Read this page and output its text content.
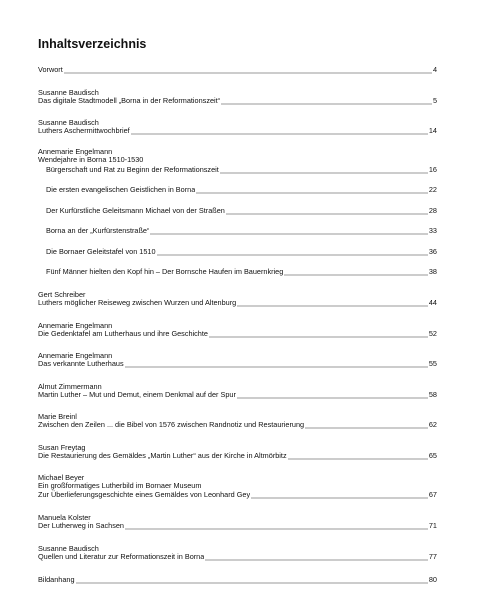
Inhaltsverzeichnis
Vorwort	4
Susanne Baudisch
Das digitale Stadtmodell „Borna in der Reformationszeit“	5
Susanne Baudisch
Luthers Aschermittwochbrief	14
Annemarie Engelmann
Wendejahre in Borna 1510-1530
Bürgerschaft und Rat zu Beginn der Reformationszeit	16
Die ersten evangelischen Geistlichen in Borna	22
Der Kurfürstliche Geleitsmann Michael von der Straßen	28
Borna an der „Kurfürstenstraße“	33
Die Bornaer Geleitstafel von 1510	36
Fünf Männer hielten den Kopf hin – Der Bornsche Haufen im Bauernkrieg	38
Gert Schreiber
Luthers möglicher Reiseweg zwischen Wurzen und Altenburg	44
Annemarie Engelmann
Die Gedenktafel am Lutherhaus und ihre Geschichte	52
Annemarie Engelmann
Das verkannte Lutherhaus	55
Almut Zimmermann
Martin Luther – Mut und Demut, einem Denkmal auf der Spur	58
Marie Breinl
Zwischen den Zeilen ... die Bibel von 1576 zwischen Randnotiz und Restaurierung	62
Susan Freytag
Die Restaurierung des Gemäldes „Martin Luther“ aus der Kirche in Altmörbitz	65
Michael Beyer
Ein großformatiges Lutherbild im Bornaer Museum
Zur Überlieferungsgeschichte eines Gemäldes von Leonhard Gey	67
Manuela Kolster
Der Lutherweg in Sachsen	71
Susanne Baudisch
Quellen und Literatur zur Reformationszeit in Borna	77
Bildanhang	80
